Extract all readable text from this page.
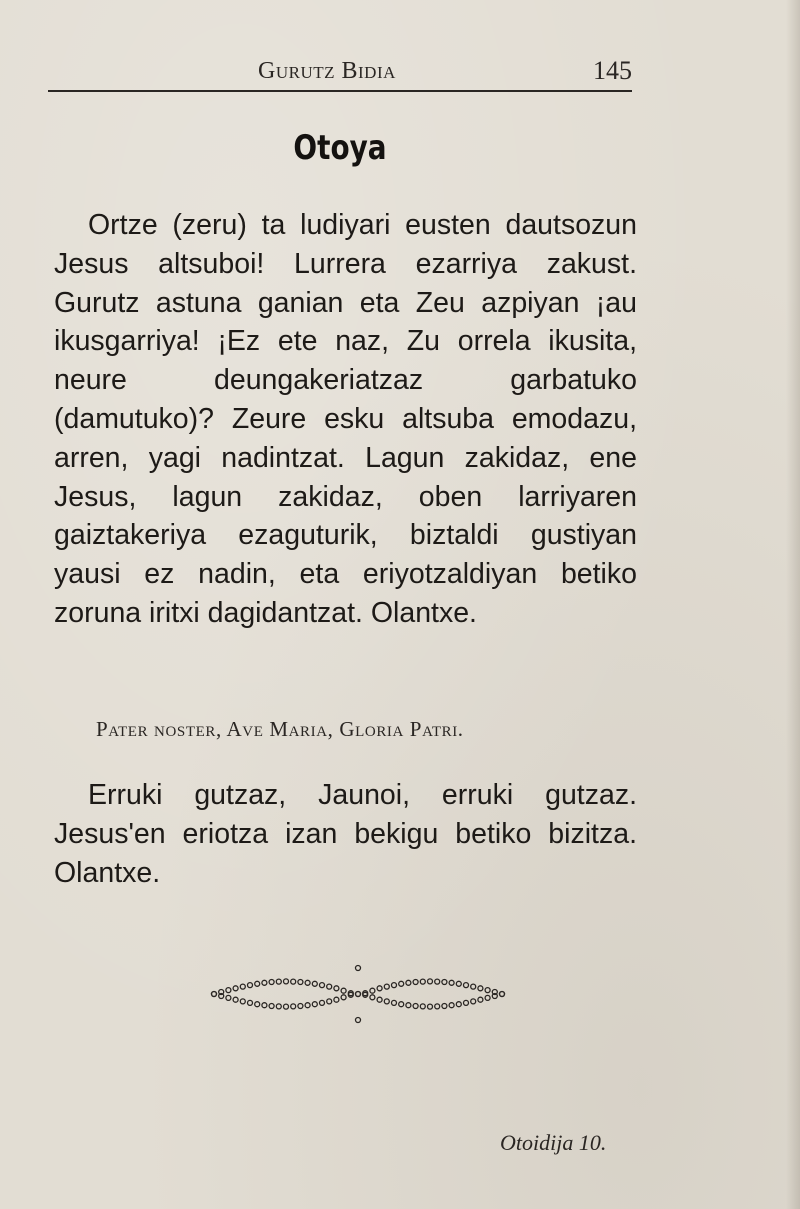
Gurutz Bidia	145
Otoya

Ortze (zeru) ta ludiyari eusten dautsozun Jesus altsuboi! Lurrera ezarriya zakust. Gurutz astuna ganian eta Zeu azpiyan ¡au ikusgarriya! ¡Ez ete naz, Zu orrela ikusita, neure deungakeriatzaz garbatuko (damutuko)? Zeure esku altsuba emodazu, arren, yagi nadintzat. Lagun zakidaz, ene Jesus, lagun zakidaz, oben larriyaren gaiztakeriya ezaguturik, biztaldi gustiyan yausi ez nadin, eta eriyotzaldiyan betiko zoruna iritxi dagidantzat. Olantxe.

Pater noster, Ave Maria, Gloria Patri.

Erruki gutzaz, Jaunoi, erruki gutzaz. Jesus'en eriotza izan bekigu betiko bizitza. Olantxe.

Otoidija 10.
